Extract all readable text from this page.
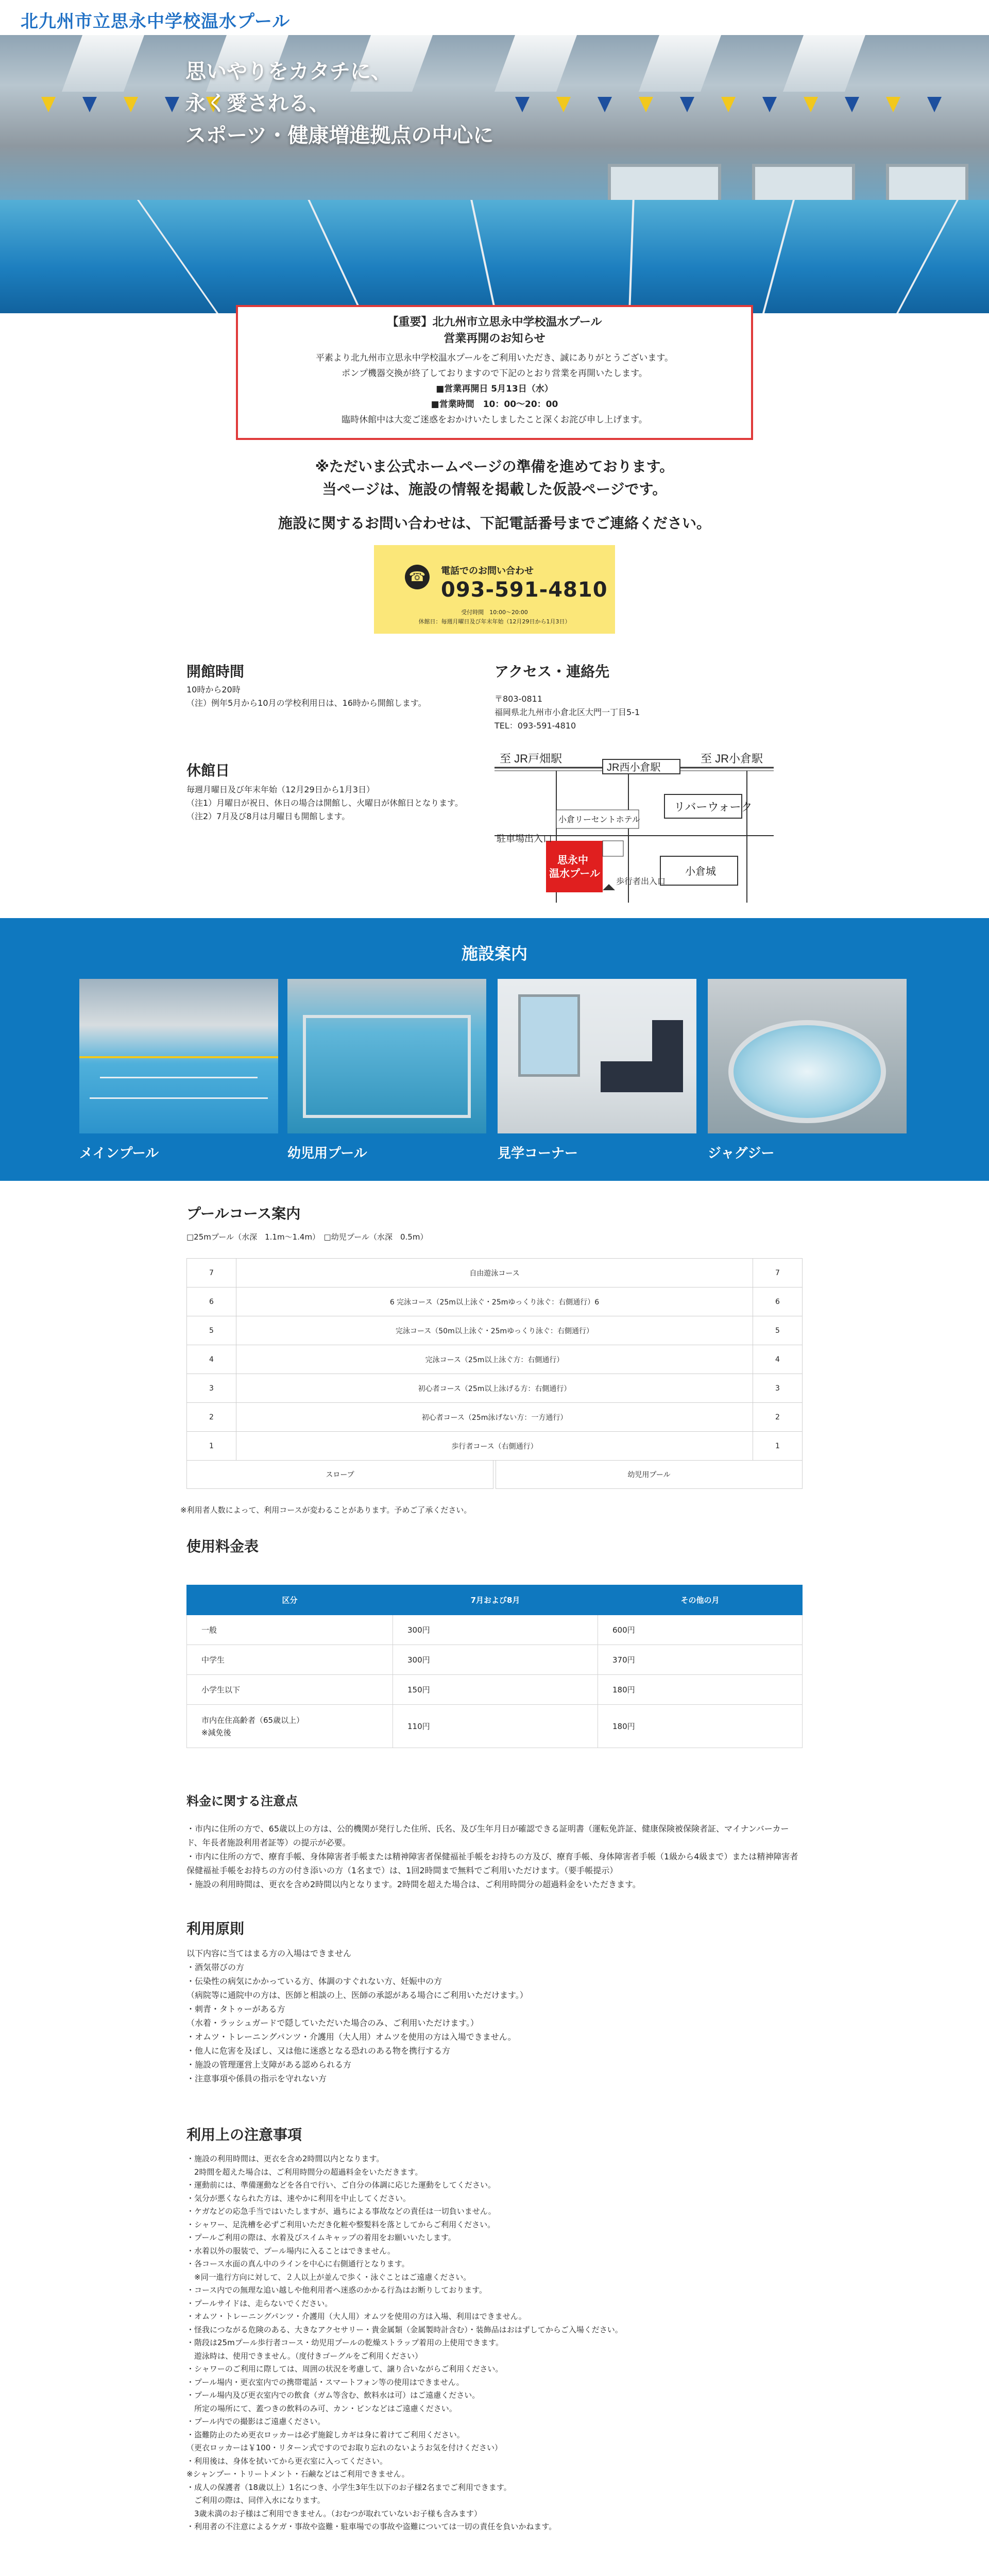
北九州市立思永中学校温水プール
思いやりをカタチに、
永く愛される、
スポーツ・健康増進拠点の中心に
【重要】北九州市立思永中学校温水プール
営業再開のお知らせ
平素より北九州市立思永中学校温水プールをご利用いただき、誠にありがとうございます。
ポンプ機器交換が終了しておりますので下記のとおり営業を再開いたします。
■営業再開日 5月13日（水）
■営業時間　10：00～20：00
臨時休館中は大変ご迷惑をおかけいたしましたこと深くお詫び申し上げます。
※ただいま公式ホームページの準備を進めております。
当ページは、施設の情報を掲載した仮設ページです。
施設に関するお問い合わせは、下記電話番号までご連絡ください。
☎	電話でのお問い合わせ
093-591-4810
受付時間　10:00～20:00
休館日：毎週月曜日及び年末年始（12月29日から1月3日）
開館時間
10時から20時
（注）例年5月から10月の学校利用日は、16時から開館します。
休館日
毎週月曜日及び年末年始（12月29日から1月3日）
（注1）月曜日が祝日、休日の場合は開館し、火曜日が休館日となります。
（注2）7月及び8月は月曜日も開館します。
アクセス・連絡先
〒803-0811
福岡県北九州市小倉北区大門一丁目5-1
TEL：093-591-4810
至 JR戸畑駅
JR西小倉駅
至 JR小倉駅
小倉リーセントホテル
リバーウォーク
駐車場出入口
思永中
温水プール
歩行者出入口
小倉城
施設案内
メインプール	幼児用プール	見学コーナー	ジャグジー
プールコース案内
□25mプール（水深　1.1m～1.4m）　□幼児プール（水深　0.5m）
7	自由遊泳コース	7
6	6 完泳コース（25m以上泳ぐ・25mゆっくり泳ぐ：右側通行）6	6
5	完泳コース（50m以上泳ぐ・25mゆっくり泳ぐ：右側通行）	5
4	完泳コース（25m以上泳ぐ方：右側通行）	4
3	初心者コース（25m以上泳げる方：右側通行）	3
2	初心者コース（25m泳げない方：一方通行）	2
1	歩行者コース（右側通行）	1
スロープ	幼児用プール
※利用者人数によって、利用コースが変わることがあります。予めご了承ください。
使用料金表
区分	7月および8月	その他の月
一般	300円	600円
中学生	300円	370円
小学生以下	150円	180円
市内在住高齢者（65歳以上）
※減免後	110円	180円
料金に関する注意点
・市内に住所の方で、65歳以上の方は、公的機関が発行した住所、氏名、及び生年月日が確認できる証明書（運転免許証、健康保険被保険者証、マイナンバーカード、年長者施設利用者証等）の提示が必要。
・市内に住所の方で、療育手帳、身体障害者手帳または精神障害者保健福祉手帳をお持ちの方及び、療育手帳、身体障害者手帳（1級から4級まで）または精神障害者保健福祉手帳をお持ちの方の付き添いの方（1名まで）は、1回2時間まで無料でご利用いただけます。（要手帳提示）
・施設の利用時間は、更衣を含め2時間以内となります。2時間を超えた場合は、ご利用時間分の超過料金をいただきます。
利用原則
以下内容に当てはまる方の入場はできません
・酒気帯びの方
・伝染性の病気にかかっている方、体調のすぐれない方、妊娠中の方
（病院等に通院中の方は、医師と相談の上、医師の承認がある場合にご利用いただけます。）
・刺青・タトゥーがある方
（水着・ラッシュガードで隠していただいた場合のみ、ご利用いただけます。）
・オムツ・トレーニングパンツ・介護用（大人用）オムツを使用の方は入場できません。
・他人に危害を及ぼし、又は他に迷惑となる恐れのある物を携行する方
・施設の管理運営上支障がある認められる方
・注意事項や係員の指示を守れない方
利用上の注意事項
・施設の利用時間は、更衣を含め2時間以内となります。
　2時間を超えた場合は、ご利用時間分の超過料金をいただきます。
・運動前には、準備運動などを各自で行い、ご自分の体調に応じた運動をしてください。
・気分が悪くなられた方は、速やかに利用を中止してください。
・ケガなどの応急手当ではいたしますが、過ちによる事故などの責任は一切負いません。
・シャワー、足洗槽を必ずご利用いただき化粧や整髪料を落としてからご利用ください。
・プールご利用の際は、水着及びスイムキャップの着用をお願いいたします。
・水着以外の服装で、プール場内に入ることはできません。
・各コース水面の真ん中のラインを中心に右側通行となります。
　※同一進行方向に対して、２人以上が並んで歩く・泳ぐことはご遠慮ください。
・コース内での無理な追い越しや他利用者へ迷惑のかかる行為はお断りしております。
・プールサイドは、走らないでください。
・オムツ・トレーニングパンツ・介護用（大人用）オムツを使用の方は入場、利用はできません。
・怪我につながる危険のある、大きなアクセサリー・貴金属類（金属製時計含む）・装飾品はおはずしてからご入場ください。
・階段は25mプール歩行者コース・幼児用プールの乾燥ストラップ着用の上使用できます。
　遊泳時は、使用できません。（度付きゴーグルをご利用ください）
・シャワーのご利用に際しては、周囲の状況を考慮して、譲り合いながらご利用ください。
・プール場内・更衣室内での携帯電話・スマートフォン等の使用はできません。
・プール場内及び更衣室内での飲食（ガム等含む、飲料水は可）はご遠慮ください。
　所定の場所にて、蓋つきの飲料のみ可、カン・ビンなどはご遠慮ください。
・プール内での撮影はご遠慮ください。
・盗難防止のため更衣ロッカーは必ず施錠しカギは身に着けてご利用ください。
（更衣ロッカーは￥100・リターン式ですのでお取り忘れのないようお気を付けください）
・利用後は、身体を拭いてから更衣室に入ってください。
※シャンプー・トリートメント・石鹸などはご利用できません。
・成人の保護者（18歳以上）1名につき、小学生3年生以下のお子様2名までご利用できます。
　ご利用の際は、同伴入水になります。
　3歳未満のお子様はご利用できません。（おむつが取れていないお子様も含みます）
・利用者の不注意によるケガ・事故や盗難・駐車場での事故や盗難については一切の責任を負いかねます。
